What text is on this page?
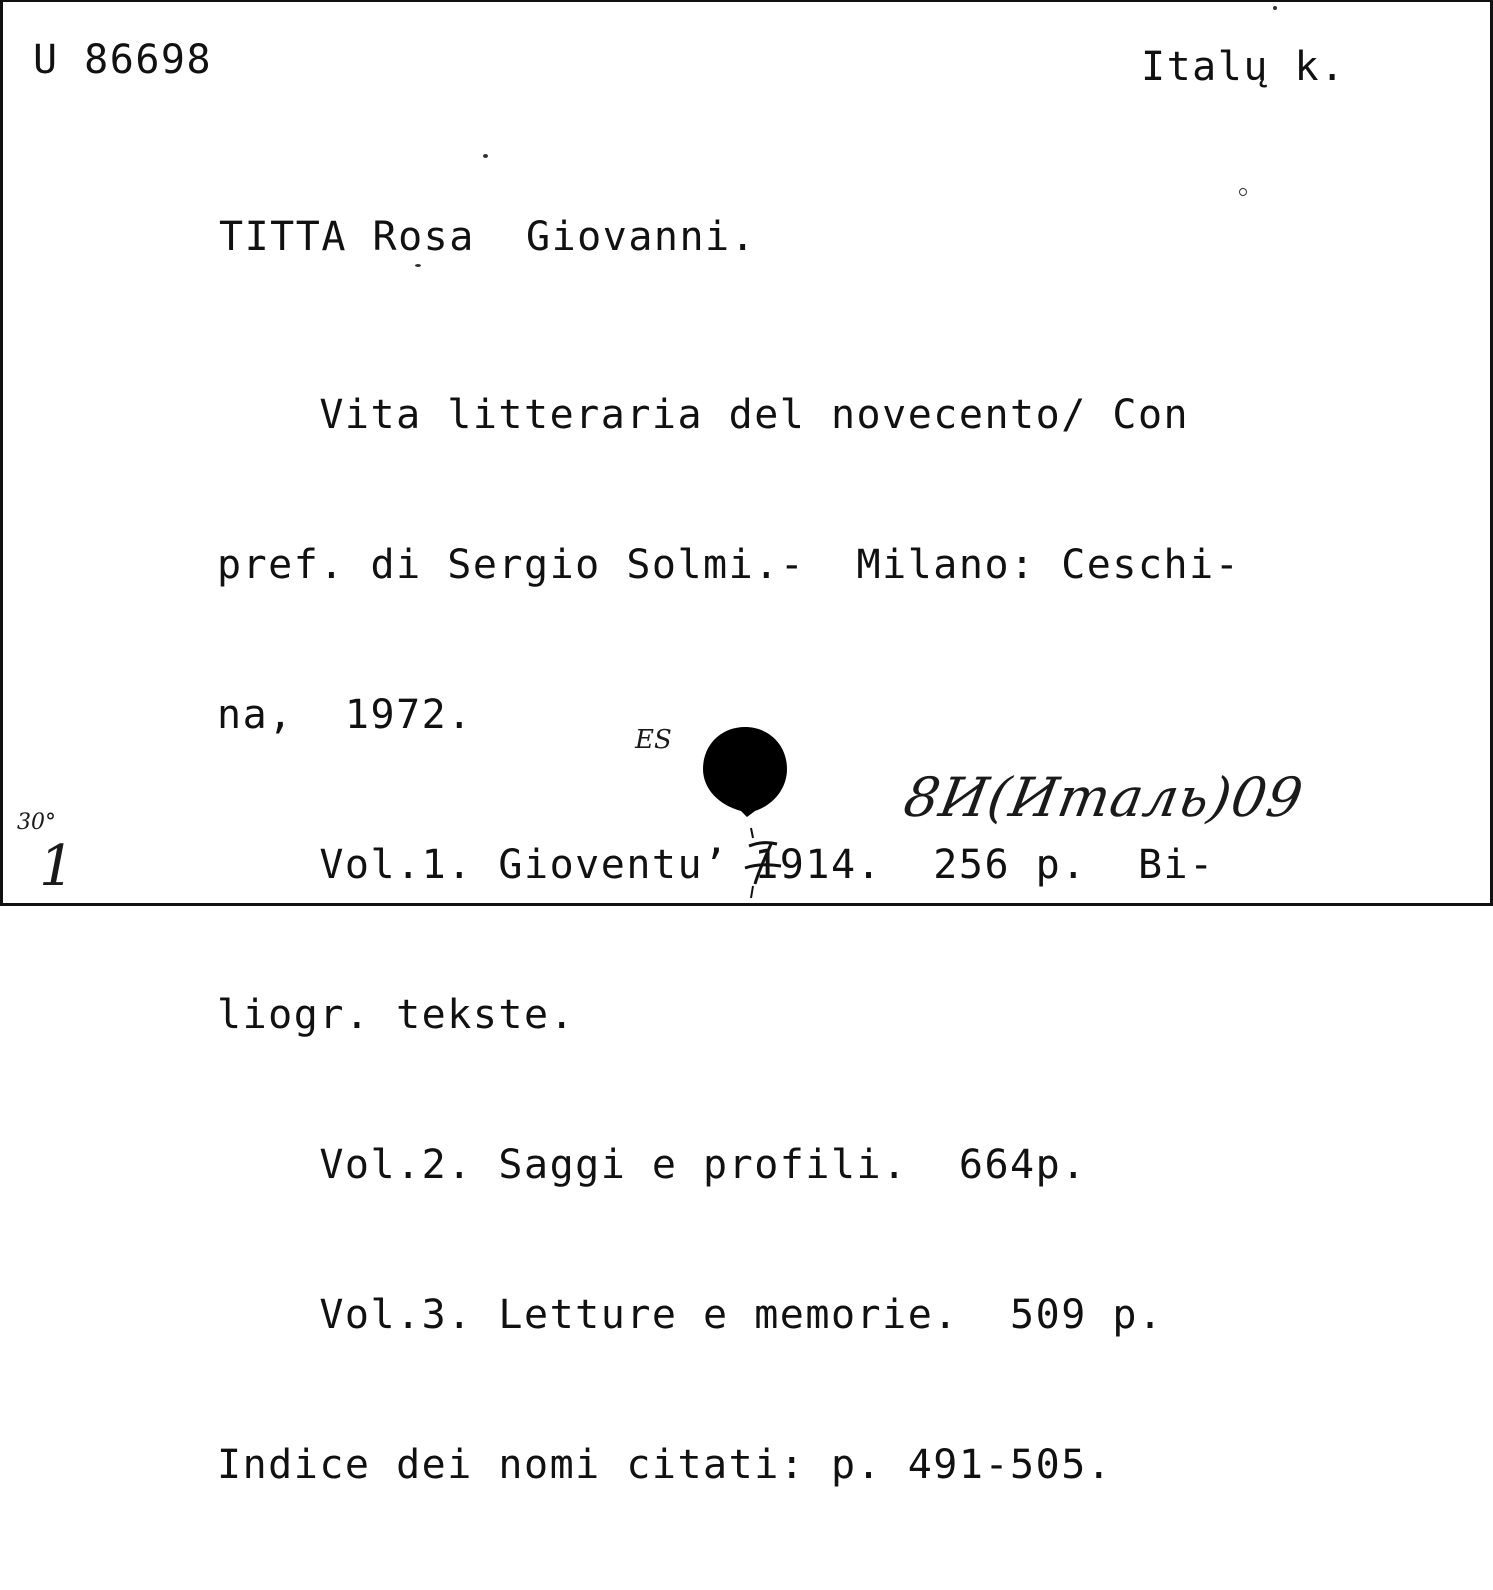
U 86698	Italų k.
TITTA Rosa  Giovanni.

Vita litteraria del novecento/ Con

pref. di Sergio Solmi.-  Milano: Ceschi-

na,  1972.

Vol.1. Gioventu’ 1914.  256 p.  Bi-

liogr. tekste.

Vol.2. Saggi e profili.  664p.

Vol.3. Letture e memorie.  509 p.

Indice dei nomi citati: p. 491-505.

ЕЅ
8И(Италь)09
30°
1
